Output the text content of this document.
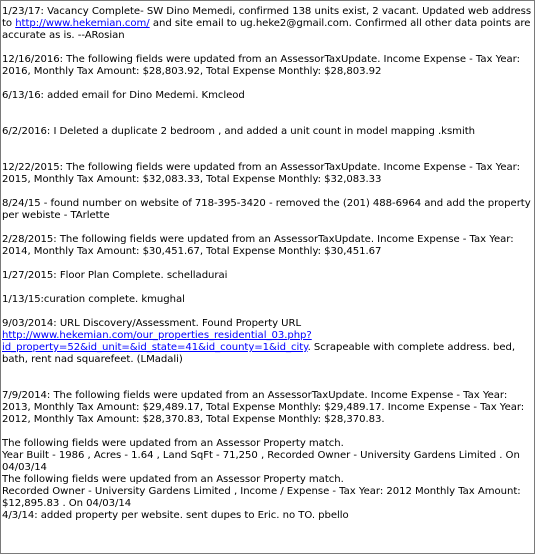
1/23/17: Vacancy Complete- SW Dino Memedi, confirmed 138 units exist, 2 vacant. Updated web address to http://www.hekemian.com/ and site email to ug.heke2@gmail.com. Confirmed all other data points are accurate as is. --ARosian

12/16/2016: The following fields were updated from an AssessorTaxUpdate. Income Expense - Tax Year: 2016, Monthly Tax Amount: $28,803.92, Total Expense Monthly: $28,803.92

6/13/16: added email for Dino Medemi. Kmcleod

6/2/2016: I Deleted a duplicate 2 bedroom , and added a unit count in model mapping .ksmith

12/22/2015: The following fields were updated from an AssessorTaxUpdate. Income Expense - Tax Year: 2015, Monthly Tax Amount: $32,083.33, Total Expense Monthly: $32,083.33

8/24/15 - found number on website of 718-395-3420 - removed the (201) 488-6964 and add the property per webiste - TArlette

2/28/2015: The following fields were updated from an AssessorTaxUpdate. Income Expense - Tax Year: 2014, Monthly Tax Amount: $30,451.67, Total Expense Monthly: $30,451.67

1/27/2015: Floor Plan Complete. schelladurai

1/13/15:curation complete. kmughal

9/03/2014: URL Discovery/Assessment. Found Property URL
http://www.hekemian.com/our_properties_residential_03.php?id_property=52&id_unit=&id_state=41&id_county=1&id_city. Scrapeable with complete address. bed, bath, rent nad squarefeet. (LMadali)

7/9/2014: The following fields were updated from an AssessorTaxUpdate. Income Expense - Tax Year: 2013, Monthly Tax Amount: $29,489.17, Total Expense Monthly: $29,489.17. Income Expense - Tax Year: 2012, Monthly Tax Amount: $28,370.83, Total Expense Monthly: $28,370.83.

The following fields were updated from an Assessor Property match.

Year Built - 1986 , Acres - 1.64 , Land SqFt - 71,250 , Recorded Owner - University Gardens Limited . On 04/03/14

The following fields were updated from an Assessor Property match.

Recorded Owner - University Gardens Limited , Income / Expense - Tax Year: 2012 Monthly Tax Amount: $12,895.83 . On 04/03/14

4/3/14: added property per website. sent dupes to Eric. no TO. pbello
